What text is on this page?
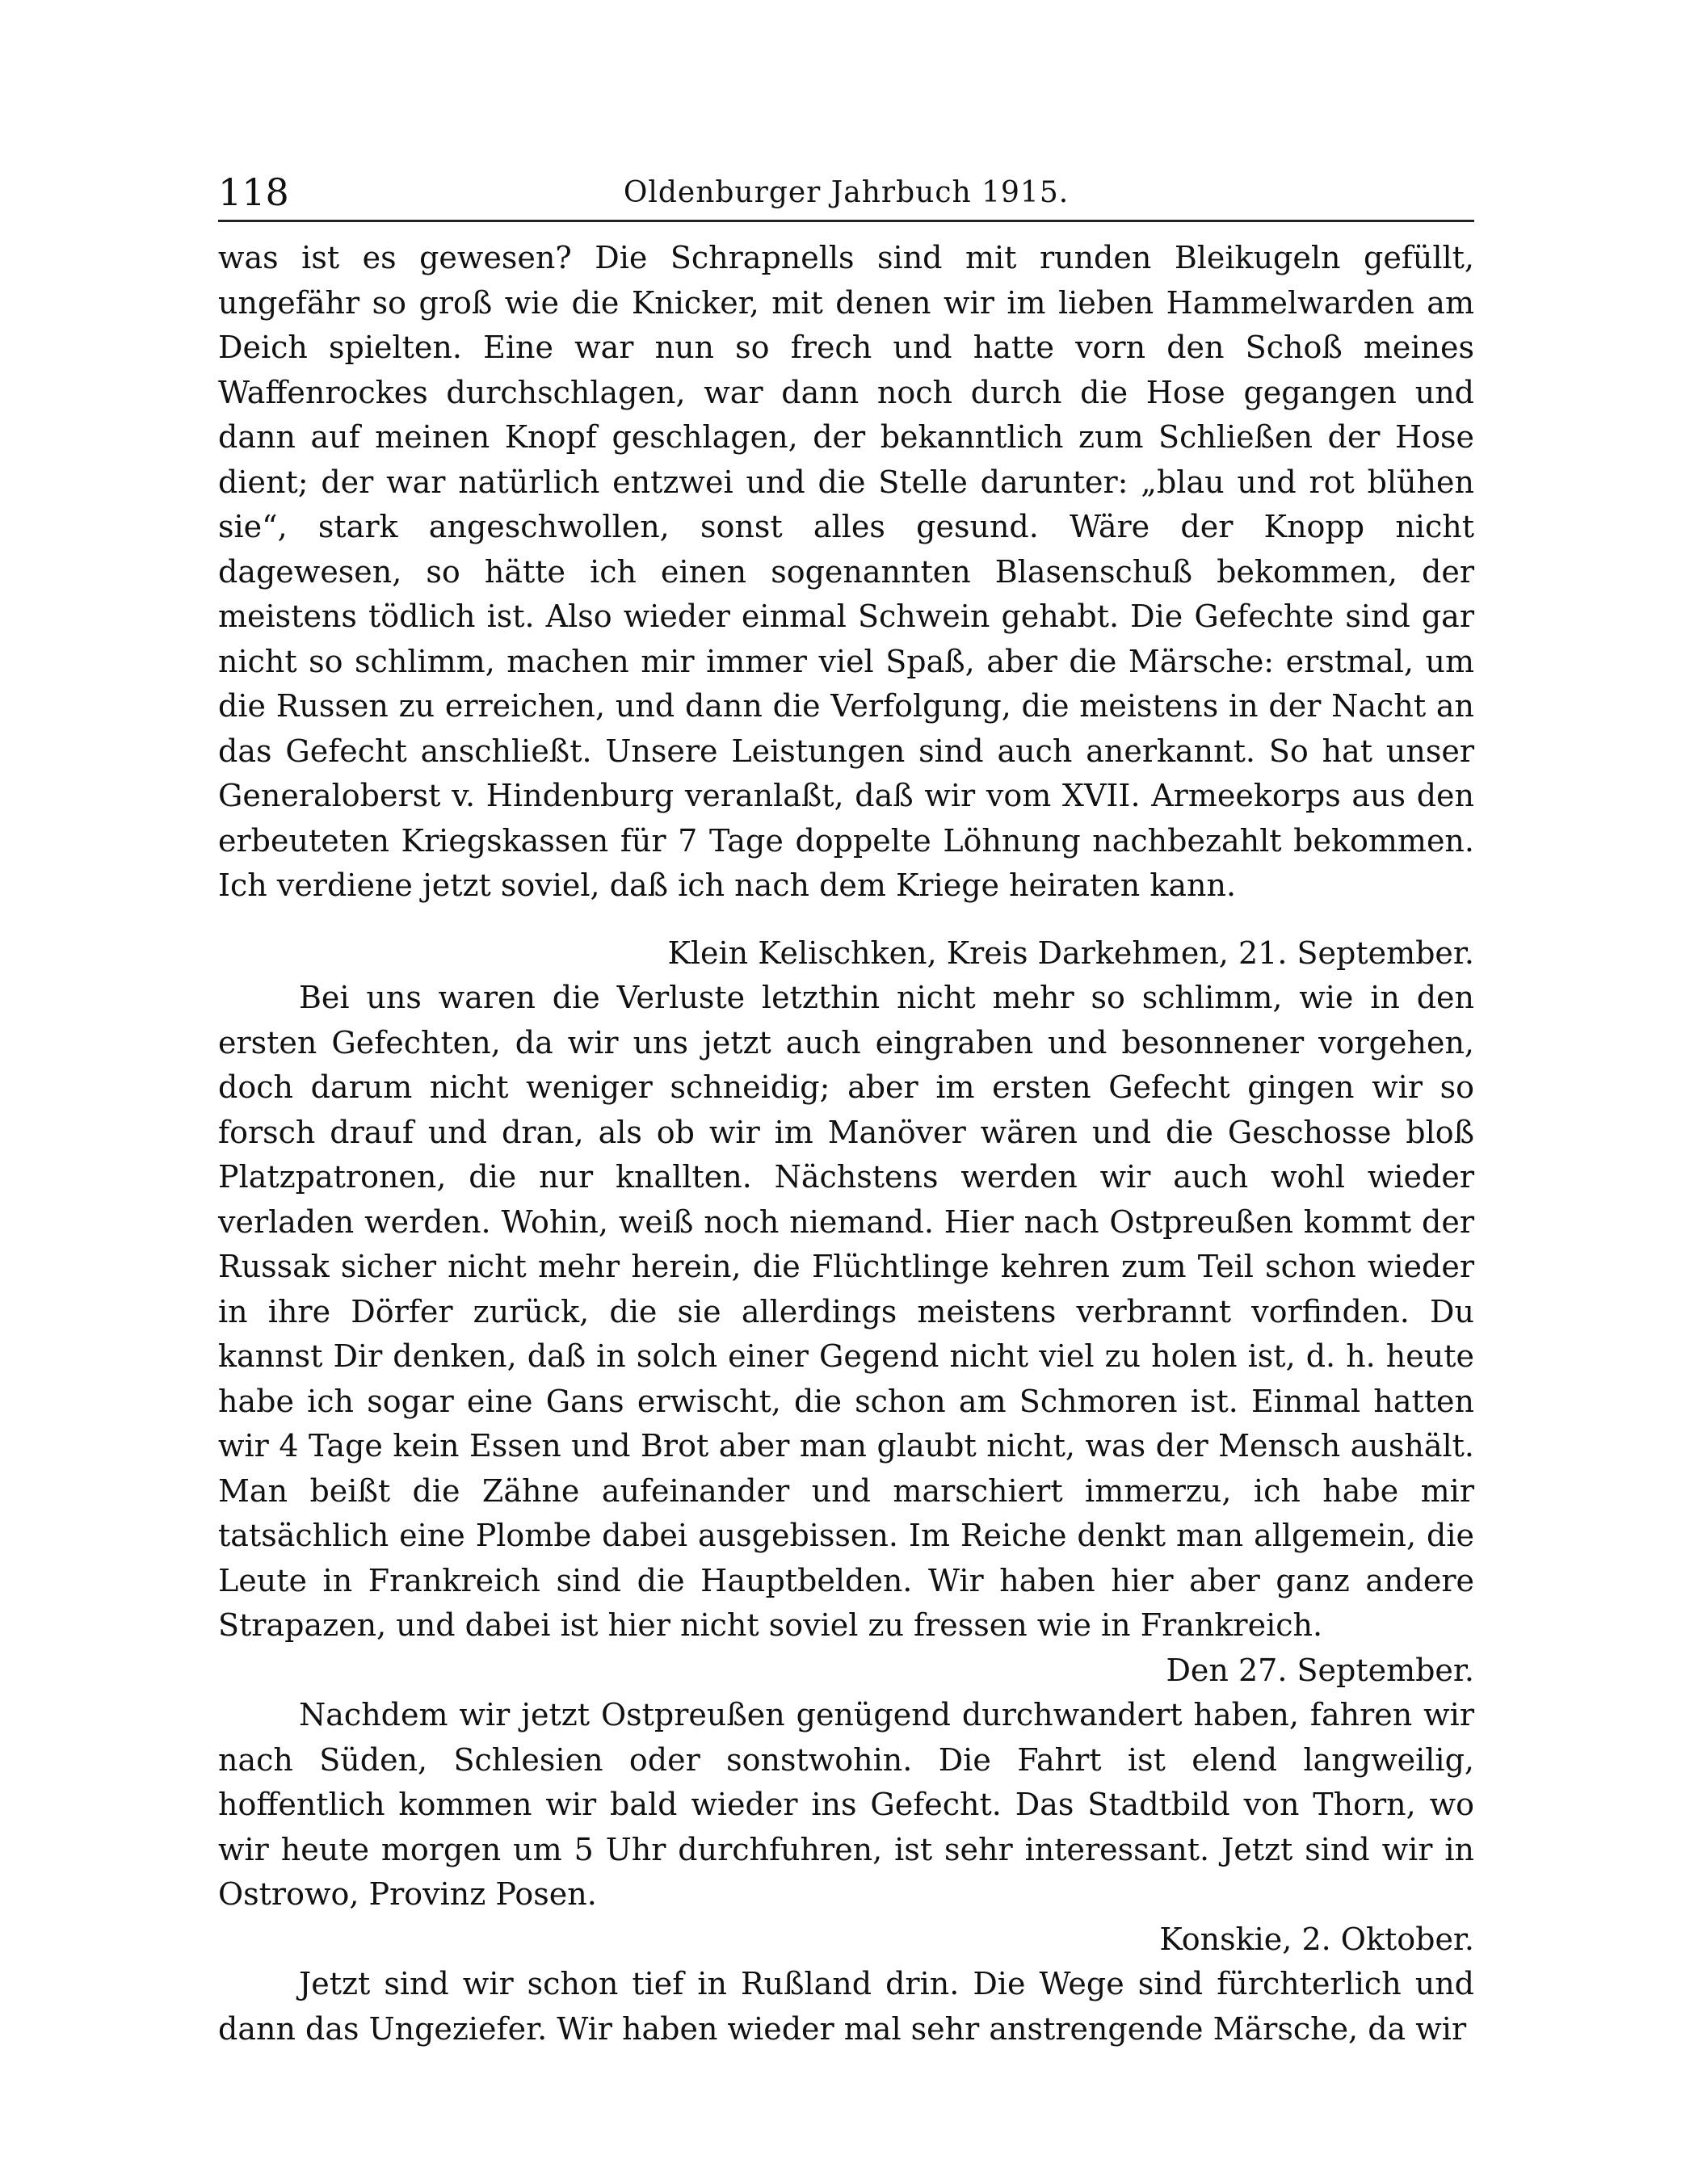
118	Oldenburger Jahrbuch 1915.

was ist es gewesen? Die Schrapnells sind mit runden Bleikugeln gefüllt, ungefähr so groß wie die Knicker, mit denen wir im lieben Hammelwarden am Deich spielten. Eine war nun so frech und hatte vorn den Schoß meines Waffenrockes durchschlagen, war dann noch durch die Hose gegangen und dann auf meinen Knopf geschlagen, der bekanntlich zum Schließen der Hose dient; der war natürlich entzwei und die Stelle darunter: „blau und rot blühen sie“, stark angeschwollen, sonst alles gesund. Wäre der Knopp nicht dagewesen, so hätte ich einen sogenannten Blasenschuß bekommen, der meistens tödlich ist. Also wieder einmal Schwein gehabt. Die Gefechte sind gar nicht so schlimm, machen mir immer viel Spaß, aber die Märsche: erstmal, um die Russen zu erreichen, und dann die Verfolgung, die meistens in der Nacht an das Gefecht anschließt. Unsere Leistungen sind auch anerkannt. So hat unser Generaloberst v. Hindenburg veranlaßt, daß wir vom XVII. Armeekorps aus den erbeuteten Kriegskassen für 7 Tage doppelte Löhnung nachbezahlt bekommen. Ich verdiene jetzt soviel, daß ich nach dem Kriege heiraten kann.

Klein Kelischken, Kreis Darkehmen, 21. September.

Bei uns waren die Verluste letzthin nicht mehr so schlimm, wie in den ersten Gefechten, da wir uns jetzt auch eingraben und besonnener vorgehen, doch darum nicht weniger schneidig; aber im ersten Gefecht gingen wir so forsch drauf und dran, als ob wir im Manöver wären und die Geschosse bloß Platzpatronen, die nur knallten. Nächstens werden wir auch wohl wieder verladen werden. Wohin, weiß noch niemand. Hier nach Ostpreußen kommt der Russak sicher nicht mehr herein, die Flüchtlinge kehren zum Teil schon wieder in ihre Dörfer zurück, die sie allerdings meistens verbrannt vorfinden. Du kannst Dir denken, daß in solch einer Gegend nicht viel zu holen ist, d. h. heute habe ich sogar eine Gans erwischt, die schon am Schmoren ist. Einmal hatten wir 4 Tage kein Essen und Brot aber man glaubt nicht, was der Mensch aushält. Man beißt die Zähne aufeinander und marschiert immerzu, ich habe mir tatsächlich eine Plombe dabei ausgebissen. Im Reiche denkt man allgemein, die Leute in Frankreich sind die Hauptbelden. Wir haben hier aber ganz andere Strapazen, und dabei ist hier nicht soviel zu fressen wie in Frankreich.

Den 27. September.

Nachdem wir jetzt Ostpreußen genügend durchwandert haben, fahren wir nach Süden, Schlesien oder sonstwohin. Die Fahrt ist elend langweilig, hoffentlich kommen wir bald wieder ins Gefecht. Das Stadtbild von Thorn, wo wir heute morgen um 5 Uhr durchfuhren, ist sehr interessant. Jetzt sind wir in Ostrowo, Provinz Posen.

Konskie, 2. Oktober.

Jetzt sind wir schon tief in Rußland drin. Die Wege sind fürchterlich und dann das Ungeziefer. Wir haben wieder mal sehr anstrengende Märsche, da wir
